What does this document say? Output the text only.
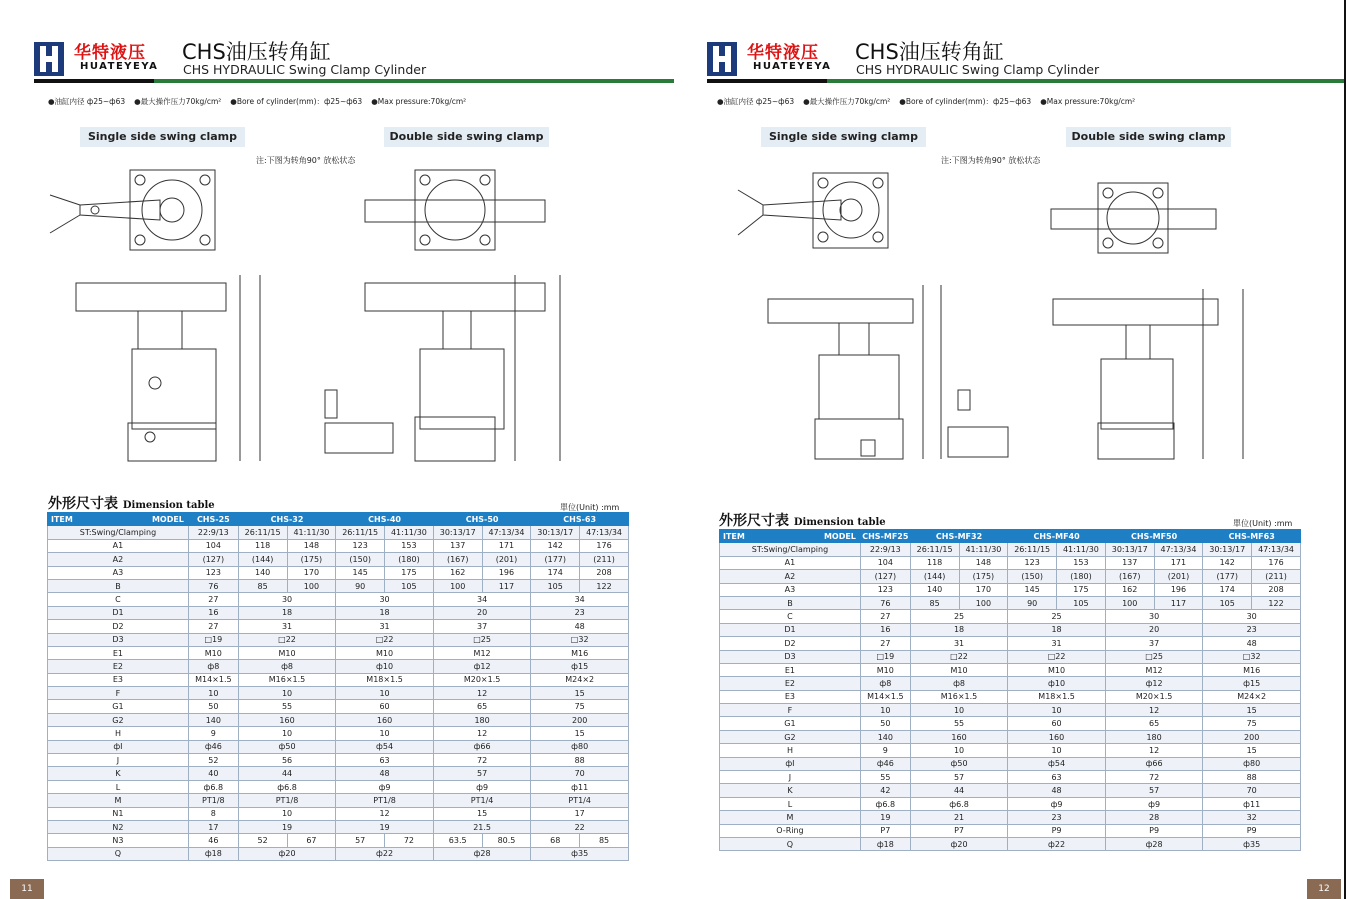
华特液压
HUATEYEYA
CHS油压转角缸
CHS HYDRAULIC Swing Clamp Cylinder
●油缸内径 ф25~ф63 ●最大操作压力70kg/cm² ●Bore of cylinder(mm)：ф25~ф63 ●Max pressure:70kg/cm²
Single side swing clamp	Double side swing clamp
注:下图为转角90° 放松状态
外形尺寸表 Dimension table	單位(Unit) :mm
ITEM MODEL	CHS-25	CHS-32		CHS-40		CHS-50		CHS-63	
ST:Swing/Clamping	22:9/13	26:11/15	41:11/30	26:11/15	41:11/30	30:13/17	47:13/34	30:13/17	47:13/34
A1	104	118	148	123	153	137	171	142	176
A2	(127)	(144)	(175)	(150)	(180)	(167)	(201)	(177)	(211)
A3	123	140	170	145	175	162	196	174	208
B	76	85	100	90	105	100	117	105	122
C	27	30		30		34		34	
D1	16	18		18		20		23	
D2	27	31		31		37		48	
D3	□19	□22		□22		□25		□32	
E1	M10	M10		M10		M12		M16	
E2	ф8	ф8		ф10		ф12		ф15	
E3	M14×1.5	M16×1.5		M18×1.5		M20×1.5		M24×2	
F	10	10		10		12		15	
G1	50	55		60		65		75	
G2	140	160		160		180		200	
H	9	10		10		12		15	
фI	ф46	ф50		ф54		ф66		ф80	
J	52	56		63		72		88	
K	40	44		48		57		70	
L	ф6.8	ф6.8		ф9		ф9		ф11	
M	PT1/8	PT1/8		PT1/8		PT1/4		PT1/4	
N1	8	10		12		15		17	
N2	17	19		19		21.5		22	
N3	46	52	67	57	72	63.5	80.5	68	85
Q	ф18	ф20		ф22		ф28		ф35	
11
华特液压
HUATEYEYA
CHS油压转角缸
CHS HYDRAULIC Swing Clamp Cylinder
●油缸内径 ф25~ф63 ●最大操作压力70kg/cm² ●Bore of cylinder(mm)：ф25~ф63 ●Max pressure:70kg/cm²
Single side swing clamp	Double side swing clamp
注:下图为转角90° 放松状态
外形尺寸表 Dimension table	單位(Unit) :mm
ITEM MODEL	CHS-MF25	CHS-MF32		CHS-MF40		CHS-MF50		CHS-MF63	
ST:Swing/Clamping	22:9/13	26:11/15	41:11/30	26:11/15	41:11/30	30:13/17	47:13/34	30:13/17	47:13/34
A1	104	118	148	123	153	137	171	142	176
A2	(127)	(144)	(175)	(150)	(180)	(167)	(201)	(177)	(211)
A3	123	140	170	145	175	162	196	174	208
B	76	85	100	90	105	100	117	105	122
C	27	25		25		30		30	
D1	16	18		18		20		23	
D2	27	31		31		37		48	
D3	□19	□22		□22		□25		□32	
E1	M10	M10		M10		M12		M16	
E2	ф8	ф8		ф10		ф12		ф15	
E3	M14×1.5	M16×1.5		M18×1.5		M20×1.5		M24×2	
F	10	10		10		12		15	
G1	50	55		60		65		75	
G2	140	160		160		180		200	
H	9	10		10		12		15	
фI	ф46	ф50		ф54		ф66		ф80	
J	55	57		63		72		88	
K	42	44		48		57		70	
L	ф6.8	ф6.8		ф9		ф9		ф11	
M	19	21		23		28		32	
O-Ring	P7	P7		P9		P9		P9	
Q	ф18	ф20		ф22		ф28		ф35	
12
